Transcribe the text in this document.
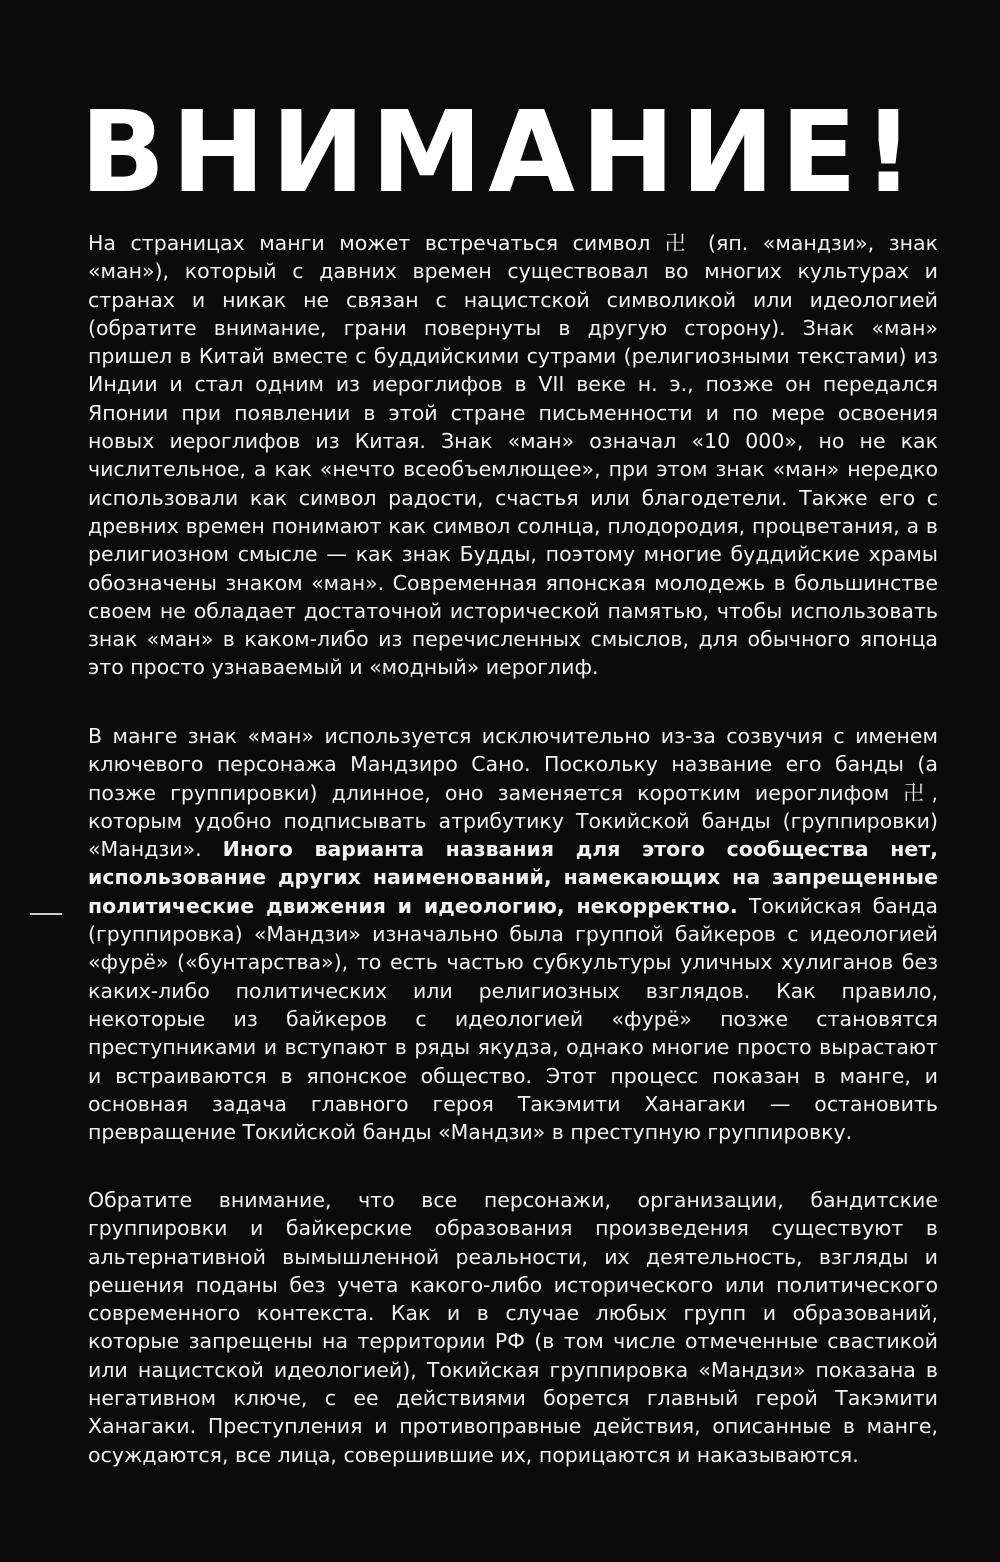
ВНИМАНИЕ!

На страницах манги может встречаться символ 卍 (яп. «мандзи», знак «ман»), который с давних времен существовал во многих культурах и странах и никак не связан с нацистской символикой или идеологией (обратите внимание, грани повернуты в другую сторону). Знак «ман» пришел в Китай вместе с буддийскими сутрами (религиозными текстами) из Индии и стал одним из иероглифов в VII веке н. э., позже он передался Японии при появлении в этой стране письменности и по мере освоения новых иероглифов из Китая. Знак «ман» означал «10 000», но не как числительное, а как «нечто всеобъемлющее», при этом знак «ман» нередко использовали как символ радости, счастья или благодетели. Также его с древних времен понимают как символ солнца, плодородия, процветания, а в религиозном смысле — как знак Будды, поэтому многие буддийские храмы обозначены знаком «ман». Современная японская молодежь в большинстве своем не обладает достаточной исторической памятью, чтобы использовать знак «ман» в каком-либо из перечисленных смыслов, для обычного японца это просто узнаваемый и «модный» иероглиф.

В манге знак «ман» используется исключительно из-за созвучия с именем ключевого персонажа Мандзиро Сано. Поскольку название его банды (а позже группировки) длинное, оно заменяется коротким иероглифом 卍, которым удобно подписывать атрибутику Токийской банды (группировки) «Мандзи». Иного варианта названия для этого сообщества нет, использование других наименований, намекающих на запрещенные политические движения и идеологию, некорректно. Токийская банда (группировка) «Мандзи» изначально была группой байкеров с идеологией «фурё» («бунтарства»), то есть частью субкультуры уличных хулиганов без каких-либо политических или религиозных взглядов. Как правило, некоторые из байкеров с идеологией «фурё» позже становятся преступниками и вступают в ряды якудза, однако многие просто вырастают и встраиваются в японское общество. Этот процесс показан в манге, и основная задача главного героя Такэмити Ханагаки — остановить превращение Токийской банды «Мандзи» в преступную группировку.

Обратите внимание, что все персонажи, организации, бандитские группировки и байкерские образования произведения существуют в альтернативной вымышленной реальности, их деятельность, взгляды и решения поданы без учета какого-либо исторического или политического современного контекста. Как и в случае любых групп и образований, которые запрещены на территории РФ (в том числе отмеченные свастикой или нацистской идеологией), Токийская группировка «Мандзи» показана в негативном ключе, с ее действиями борется главный герой Такэмити Ханагаки. Преступления и противоправные действия, описанные в манге, осуждаются, все лица, совершившие их, порицаются и наказываются.
